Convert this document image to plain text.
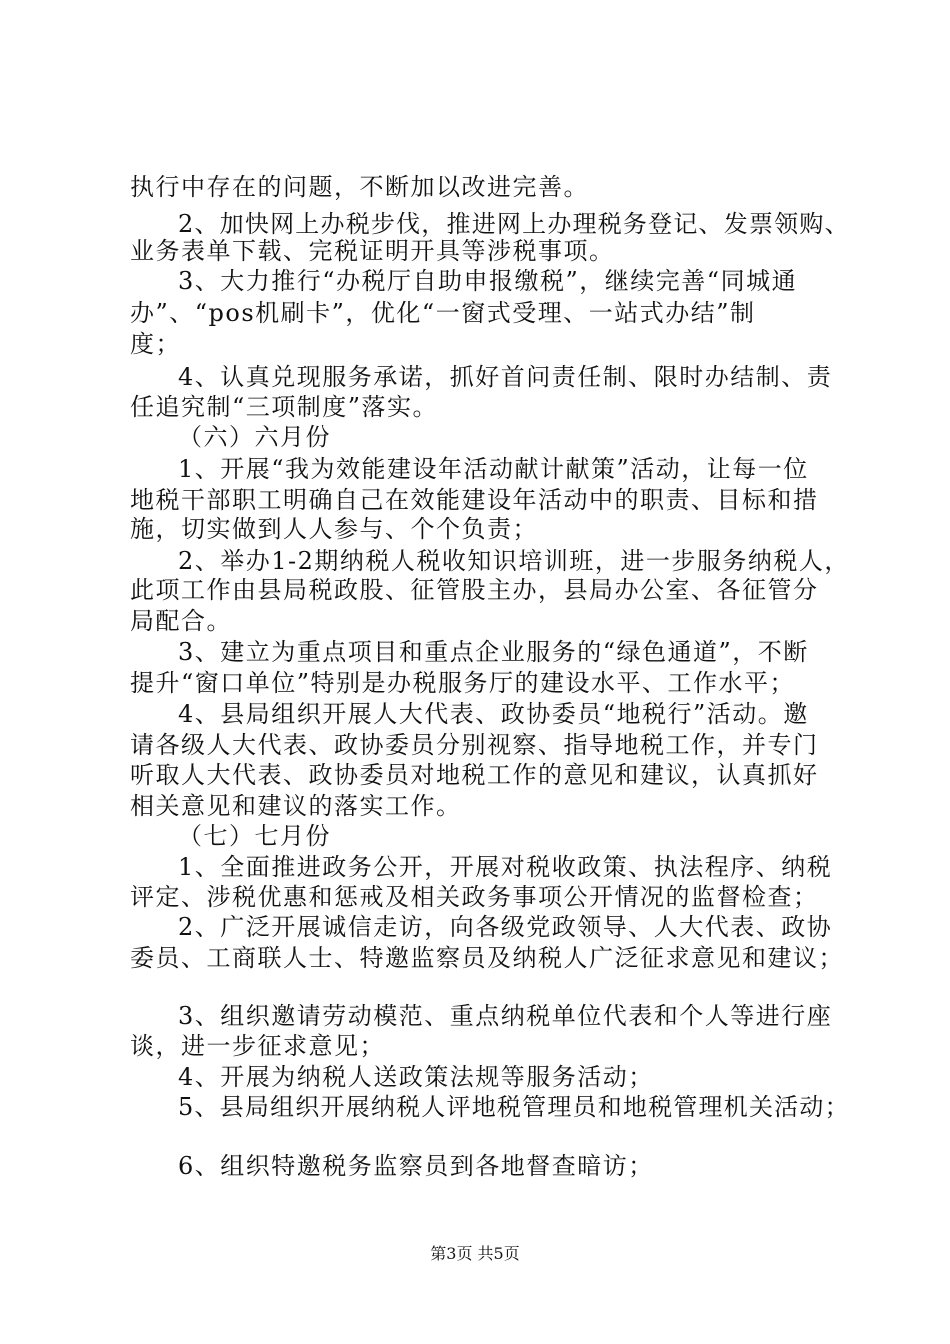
执行中存在的问题，不断加以改进完善。
2、加快网上办税步伐，推进网上办理税务登记、发票领购、
业务表单下载、完税证明开具等涉税事项。
3、大力推行“办税厅自助申报缴税”，继续完善“同城通
办”、“pos机刷卡”，优化“一窗式受理、一站式办结”制
度；
4、认真兑现服务承诺，抓好首问责任制、限时办结制、责
任追究制“三项制度”落实。
（六）六月份
1、开展“我为效能建设年活动献计献策”活动，让每一位
地税干部职工明确自己在效能建设年活动中的职责、目标和措
施，切实做到人人参与、个个负责；
2、举办1-2期纳税人税收知识培训班，进一步服务纳税人，
此项工作由县局税政股、征管股主办，县局办公室、各征管分
局配合。
3、建立为重点项目和重点企业服务的“绿色通道”，不断
提升“窗口单位”特别是办税服务厅的建设水平、工作水平；
4、县局组织开展人大代表、政协委员“地税行”活动。邀
请各级人大代表、政协委员分别视察、指导地税工作，并专门
听取人大代表、政协委员对地税工作的意见和建议，认真抓好
相关意见和建议的落实工作。
（七）七月份
1、全面推进政务公开，开展对税收政策、执法程序、纳税
评定、涉税优惠和惩戒及相关政务事项公开情况的监督检查；
2、广泛开展诚信走访，向各级党政领导、人大代表、政协
委员、工商联人士、特邀监察员及纳税人广泛征求意见和建议；
3、组织邀请劳动模范、重点纳税单位代表和个人等进行座
谈，进一步征求意见；
4、开展为纳税人送政策法规等服务活动；
5、县局组织开展纳税人评地税管理员和地税管理机关活动；
6、组织特邀税务监察员到各地督查暗访；
第3页 共5页
